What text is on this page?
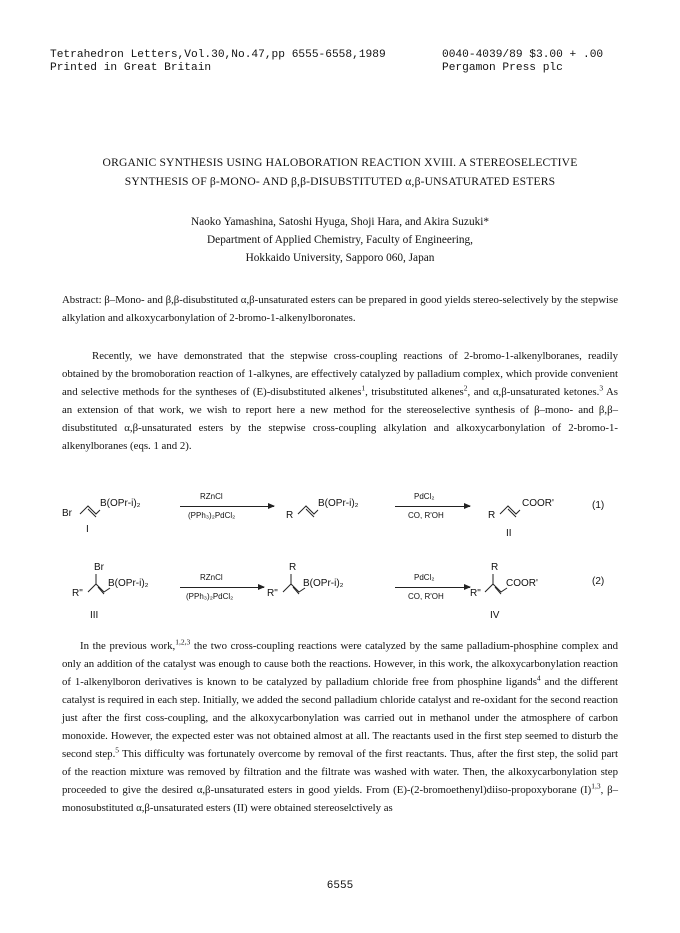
Tetrahedron Letters,Vol.30,No.47,pp 6555-6558,1989	0040-4039/89 $3.00 + .00
Printed in Great Britain	Pergamon Press plc
ORGANIC SYNTHESIS USING HALOBORATION REACTION XVIII. A STEREOSELECTIVE
SYNTHESIS OF β-MONO- AND β,β-DISUBSTITUTED α,β-UNSATURATED ESTERS
Naoko Yamashina, Satoshi Hyuga, Shoji Hara, and Akira Suzuki*
Department of Applied Chemistry, Faculty of Engineering,
Hokkaido University, Sapporo 060, Japan
Abstract: β–Mono- and β,β-disubstituted α,β-unsaturated esters can be prepared in good yields stereo-selectively by the stepwise alkylation and alkoxycarbonylation of 2-bromo-1-alkenylboronates.
Recently, we have demonstrated that the stepwise cross-coupling reactions of 2-bromo-1-alkenylboranes, readily obtained by the bromoboration reaction of 1-alkynes, are effectively catalyzed by palladium complex, which provide convenient and selective methods for the syntheses of (E)-disubstituted alkenes$^1$, trisubstituted alkenes$^2$, and α,β-unsaturated ketones.$^3$ As an extension of that work, we wish to report here a new method for the stereoselective synthesis of β–mono- and β,β–disubstituted α,β-unsaturated esters by the stepwise cross-coupling alkylation and alkoxycarbonylation of 2-bromo-1-alkenylboranes (eqs. 1 and 2).
Br
B(OPr-i)₂
I
RZnCl
(PPh₃)₂PdCl₂	R
B(OPr-i)₂
PdCl₂
CO, R'OH	R
COOR'	(1)
II
Br
R"
B(OPr-i)₂
III
RZnCl
(PPh₃)₂PdCl₂
R
R"
B(OPr-i)₂
PdCl₂
CO, R'OH
R
R"
COOR'	(2)
IV
In the previous work,$^{1,2,3}$ the two cross-coupling reactions were catalyzed by the same palladium-phosphine complex and only an addition of the catalyst was enough to cause both the reactions. However, in this work, the alkoxycarbonylation reaction of 1-alkenylboron derivatives is known to be catalyzed by palladium chloride free from phosphine ligands$^4$ and the different catalyst is required in each step. Initially, we added the second palladium chloride catalyst and re-oxidant for the second reaction just after the first coss-coupling, and the alkoxycarbonylation was carried out in methanol under the atmosphere of carbon monoxide. However, the expected ester was not obtained almost at all. The reactants used in the first step seemed to disturb the second step.$^5$ This difficulty was fortunately overcome by removal of the first reactants. Thus, after the first step, the solid part of the reaction mixture was removed by filtration and the filtrate was washed with water. Then, the alkoxycarbonylation step proceeded to give the desired α,β-unsaturated esters in good yields. From (E)-(2-bromoethenyl)diiso-propoxyborane $(I)^{1,3}$, β–monosubstituted α,β-unsaturated esters (II) were obtained stereoselctively as
6555
